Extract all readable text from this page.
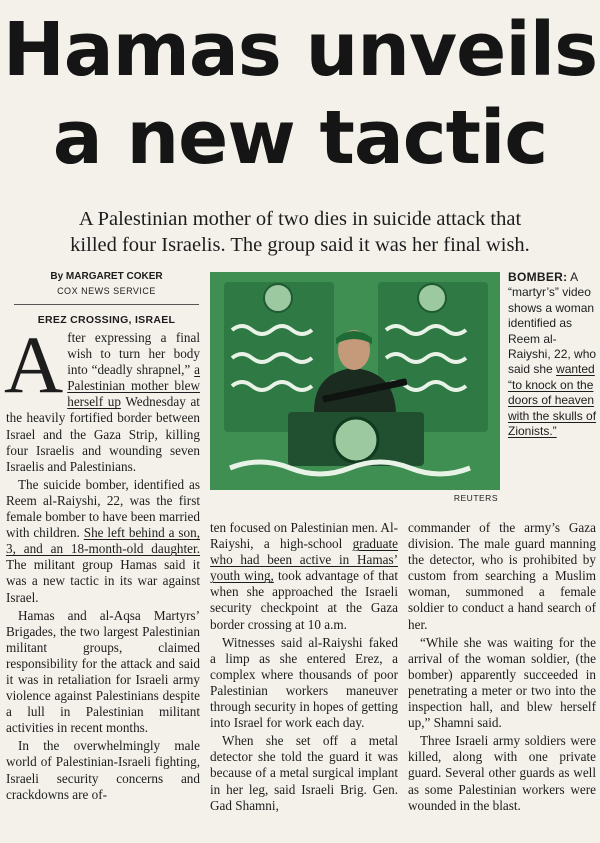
Hamas unveils
a new tactic

A Palestinian mother of two dies in suicide attack that
killed four Israelis. The group said it was her final wish.

By MARGARET COKER
COX NEWS SERVICE
EREZ CROSSING, ISRAEL
REUTERS
BOMBER: A “martyr’s” video shows a woman identified as Reem al-Raiyshi, 22, who said she wanted “to knock on the doors of heaven with the skulls of Zionists.”

After expressing a final wish to turn her body into “deadly shrapnel,” a Palestinian mother blew herself up Wednesday at the heavily fortified border between Israel and the Gaza Strip, killing four Israelis and wounding seven Israelis and Palestinians.

The suicide bomber, identified as Reem al-Raiyshi, 22, was the first female bomber to have been married with children. She left behind a son, 3, and an 18-month-old daughter. The militant group Hamas said it was a new tactic in its war against Israel.

Hamas and al-Aqsa Martyrs’ Brigades, the two largest Palestinian militant groups, claimed responsibility for the attack and said it was in retaliation for Israeli army violence against Palestinians despite a lull in Palestinian militant activities in recent months.

In the overwhelmingly male world of Palestinian-Israeli fighting, Israeli security concerns and crackdowns are of-

ten focused on Palestinian men. Al-Raiyshi, a high-school graduate who had been active in Hamas’ youth wing, took advantage of that when she approached the Israeli security checkpoint at the Gaza border crossing at 10 a.m.

Witnesses said al-Raiyshi faked a limp as she entered Erez, a complex where thousands of poor Palestinian workers maneuver through security in hopes of getting into Israel for work each day.

When she set off a metal detector she told the guard it was because of a metal surgical implant in her leg, said Israeli Brig. Gen. Gad Shamni,

commander of the army’s Gaza division. The male guard manning the detector, who is prohibited by custom from searching a Muslim woman, summoned a female soldier to conduct a hand search of her.

“While she was waiting for the arrival of the woman soldier, (the bomber) apparently succeeded in penetrating a meter or two into the inspection hall, and blew herself up,” Shamni said.

Three Israeli army soldiers were killed, along with one private guard. Several other guards as well as some Palestinian workers were wounded in the blast.
